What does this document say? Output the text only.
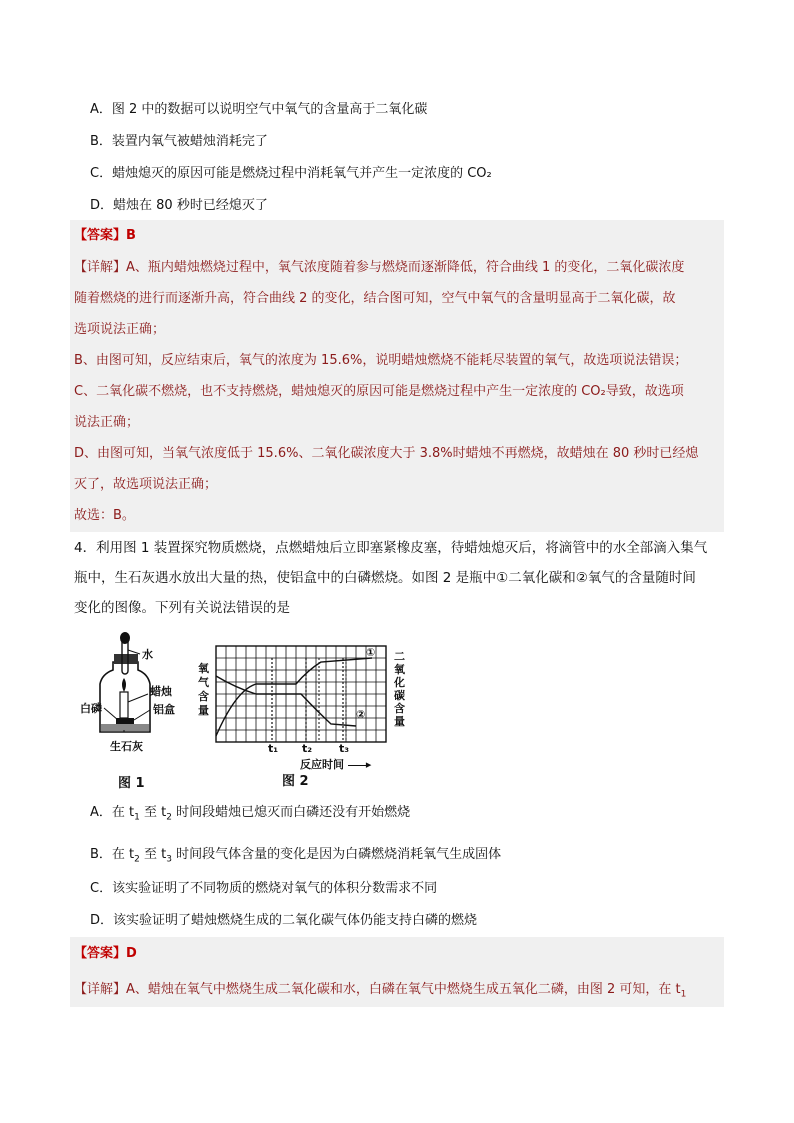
A．图 2 中的数据可以说明空气中氧气的含量高于二氧化碳
B．装置内氧气被蜡烛消耗完了
C．蜡烛熄灭的原因可能是燃烧过程中消耗氧气并产生一定浓度的 CO₂
D．蜡烛在 80 秒时已经熄灭了
【答案】B
【详解】A、瓶内蜡烛燃烧过程中，氧气浓度随着参与燃烧而逐渐降低，符合曲线 1 的变化，二氧化碳浓度
随着燃烧的进行而逐渐升高，符合曲线 2 的变化，结合图可知，空气中氧气的含量明显高于二氧化碳，故
选项说法正确；
B、由图可知，反应结束后，氧气的浓度为 15.6%，说明蜡烛燃烧不能耗尽装置的氧气，故选项说法错误；
C、二氧化碳不燃烧，也不支持燃烧，蜡烛熄灭的原因可能是燃烧过程中产生一定浓度的 CO₂导致，故选项
说法正确；
D、由图可知，当氧气浓度低于 15.6%、二氧化碳浓度大于 3.8%时蜡烛不再燃烧，故蜡烛在 80 秒时已经熄
灭了，故选项说法正确；
故选：B。
4．利用图 1 装置探究物质燃烧，点燃蜡烛后立即塞紧橡皮塞，待蜡烛熄灭后，将滴管中的水全部滴入集气
瓶中，生石灰遇水放出大量的热，使铝盒中的白磷燃烧。如图 2 是瓶中①二氧化碳和②氧气的含量随时间
变化的图像。下列有关说法错误的是
水
蜡烛
白磷	铝盒
生石灰
图 1
氧气含量
二氧化碳含量
①
②
t₁ t₂ t₃
反应时间 ▸
图 2
A．在 $t_1$ 至 $t_2$ 时间段蜡烛已熄灭而白磷还没有开始燃烧
B．在 $t_2$ 至 $t_3$ 时间段气体含量的变化是因为白磷燃烧消耗氧气生成固体
C．该实验证明了不同物质的燃烧对氧气的体积分数需求不同
D．该实验证明了蜡烛燃烧生成的二氧化碳气体仍能支持白磷的燃烧
【答案】D
【详解】A、蜡烛在氧气中燃烧生成二氧化碳和水，白磷在氧气中燃烧生成五氧化二磷，由图 2 可知，在 $t_1$
